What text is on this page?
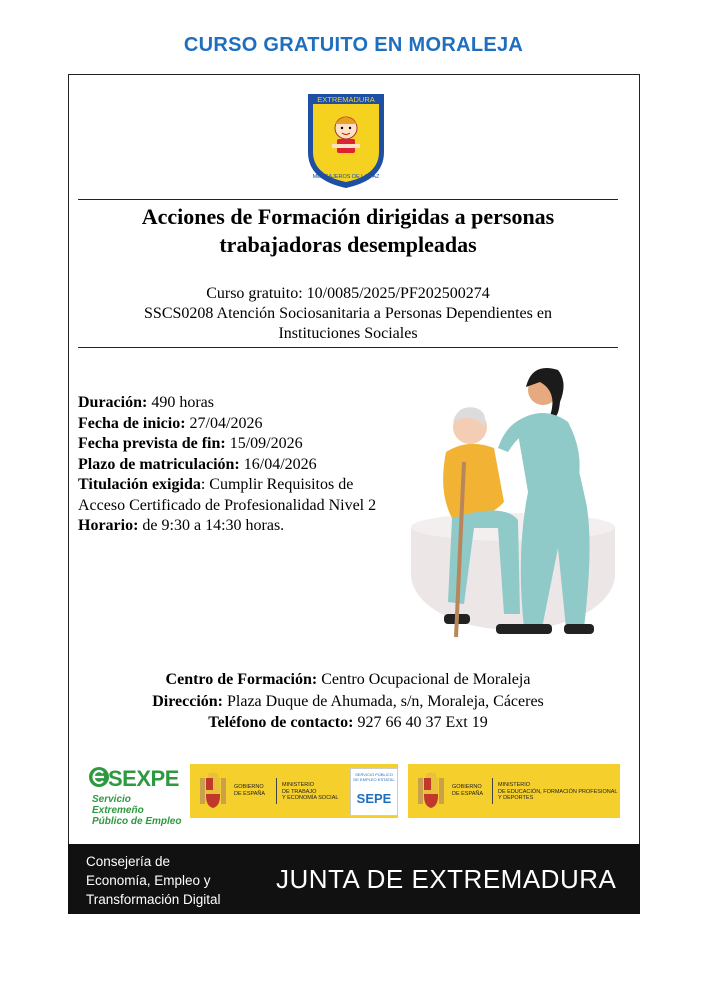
CURSO GRATUITO EN MORALEJA
EXTREMADURA
MENSAJEROS DE LA PAZ
Acciones de Formación dirigidas a personas
trabajadoras desempleadas
Curso gratuito: 10/0085/2025/PF202500274
SSCS0208 Atención Sociosanitaria a Personas Dependientes en
Instituciones Sociales

Duración: 490 horas

Fecha de inicio: 27/04/2026

Fecha prevista de fin: 15/09/2026

Plazo de matriculación: 16/04/2026

Titulación exigida: Cumplir Requisitos de Acceso Certificado de Profesionalidad Nivel 2

Horario: de 9:30 a 14:30 horas.

Centro de Formación: Centro Ocupacional de Moraleja
Dirección: Plaza Duque de Ahumada, s/n, Moraleja, Cáceres
Teléfono de contacto: 927 66 40 37 Ext 19
SEXPE
Servicio Extremeño
Público de Empleo
GOBIERNO
DE ESPAÑA
MINISTERIO
DE TRABAJO
Y ECONOMÍA SOCIAL
SERVICIO PÚBLICO DE EMPLEO ESTATAL
SEPE
GOBIERNO
DE ESPAÑA
MINISTERIO
DE EDUCACIÓN, FORMACIÓN PROFESIONAL
Y DEPORTES
Consejería de
Economía, Empleo y
Transformación Digital
JUNTA DE EXTREMADURA
